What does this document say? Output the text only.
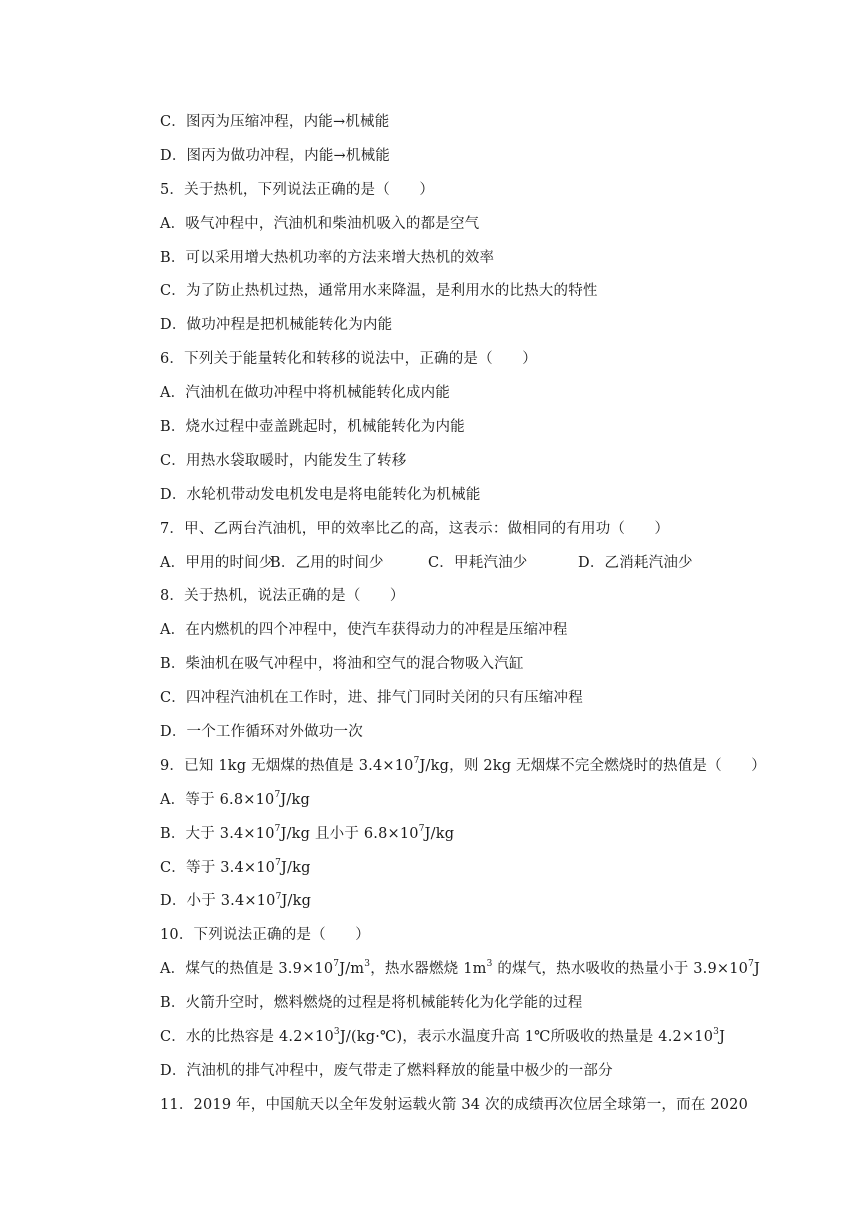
C．图丙为压缩冲程，内能→机械能
D．图丙为做功冲程，内能→机械能
5．关于热机，下列说法正确的是（　　）
A．吸气冲程中，汽油机和柴油机吸入的都是空气
B．可以采用增大热机功率的方法来增大热机的效率
C．为了防止热机过热，通常用水来降温，是利用水的比热大的特性
D．做功冲程是把机械能转化为内能
6．下列关于能量转化和转移的说法中，正确的是（　　）
A．汽油机在做功冲程中将机械能转化成内能
B．烧水过程中壶盖跳起时，机械能转化为内能
C．用热水袋取暖时，内能发生了转移
D．水轮机带动发电机发电是将电能转化为机械能
7．甲、乙两台汽油机，甲的效率比乙的高，这表示：做相同的有用功（　　）
A．甲用的时间少
B．乙用的时间少	C．甲耗汽油少	D．乙消耗汽油少
8．关于热机，说法正确的是（　　）
A．在内燃机的四个冲程中，使汽车获得动力的冲程是压缩冲程
B．柴油机在吸气冲程中，将油和空气的混合物吸入汽缸
C．四冲程汽油机在工作时，进、排气门同时关闭的只有压缩冲程
D．一个工作循环对外做功一次
9．已知 1kg 无烟煤的热值是 $3.4\times 10^7J/kg$，则 2kg 无烟煤不完全燃烧时的热值是（　　）
A．等于 $6.8\times 10^7J/kg$
B．大于 $3.4\times 10^7J/kg$ 且小于 $6.8\times 10^7J/kg$
C．等于 $3.4\times 10^7J/kg$
D．小于 $3.4\times 10^7J/kg$
10．下列说法正确的是（　　）
A．煤气的热值是 $3.9\times 10^7J/m^3$，热水器燃烧 $1m^3$ 的煤气，热水吸收的热量小于 $3.9\times 10^7J$
B．火箭升空时，燃料燃烧的过程是将机械能转化为化学能的过程
C．水的比热容是 $4.2\times 10^3J/(kg\cdot℃)$，表示水温度升高 1℃所吸收的热量是 $4.2\times 10^3J$
D．汽油机的排气冲程中，废气带走了燃料释放的能量中极少的一部分
11．2019 年，中国航天以全年发射运载火箭 34 次的成绩再次位居全球第一，而在 2020
